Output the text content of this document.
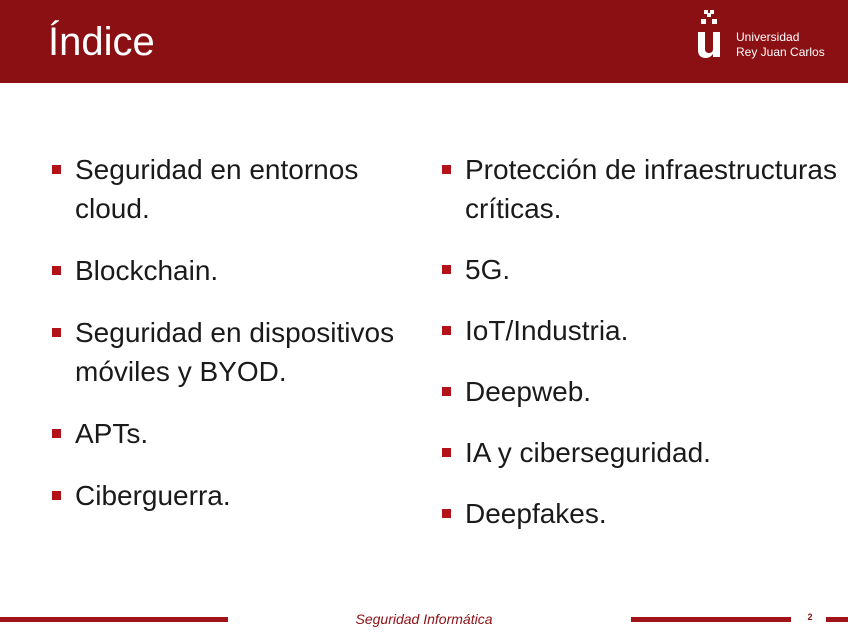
Índice	Universidad
Rey Juan Carlos
Seguridad en entornos cloud.
Blockchain.
Seguridad en dispositivos móviles y BYOD.
APTs.
Ciberguerra.
Protección de infraestructuras críticas.
5G.
IoT/Industria.
Deepweb.
IA y ciberseguridad.
Deepfakes.
Seguridad Informática	2
